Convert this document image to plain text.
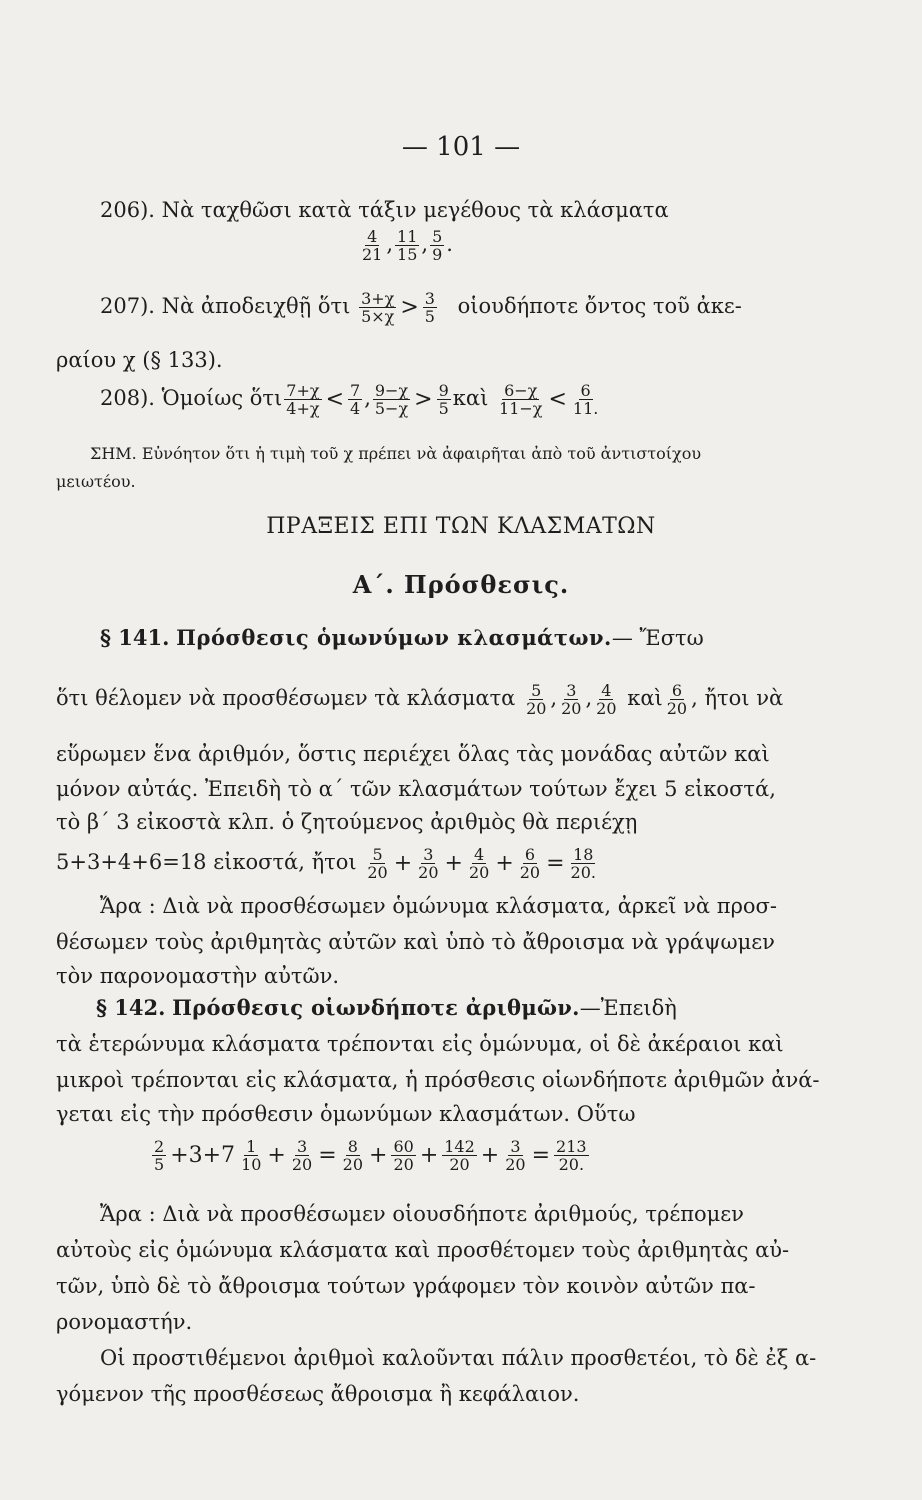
— 101 —
206). Νὰ ταχθῶσι κατὰ τάξιν μεγέθους τὰ κλάσματα
$\frac{4}{21}$ , $\frac{11}{15}$ , $\frac{5}{9}$ .
207). Νὰ ἀποδειχθῇ ὅτι $\frac{3+\chi}{5\times\chi} > \frac{3}{5}$ οἱουδήποτε ὄντος τοῦ ἀκε-
ραίου χ (§ 133).
208). Ὁμοίως ὅτι $\frac{7+\chi}{4+\chi} < \frac{7}{4}$ , $\frac{9-\chi}{5-\chi} > \frac{9}{5}$ καὶ $\frac{6-\chi}{11-\chi} < \frac{6}{11.}$
ΣΗΜ. Εὐνόητον ὅτι ἡ τιμὴ τοῦ χ πρέπει νὰ ἀφαιρῆται ἀπὸ τοῦ ἀντιστοίχου
μειωτέου.
ΠΡΑΞΕΙΣ ΕΠΙ ΤΩΝ ΚΛΑΣΜΑΤΩΝ
Α΄. Πρόσθεσις.
§ 141. Πρόσθεσις ὁμωνύμων κλασμάτων.— Ἔστω
ὅτι θέλομεν νὰ προσθέσωμεν τὰ κλάσματα $\frac{5}{20}$ , $\frac{3}{20}$ , $\frac{4}{20}$ καὶ $\frac{6}{20}$ , ἤτοι νὰ
εὕρωμεν ἕνα ἀριθμόν, ὅστις περιέχει ὅλας τὰς μονάδας αὐτῶν καὶ
μόνον αὐτάς. Ἐπειδὴ τὸ α΄ τῶν κλασμάτων τούτων ἔχει 5 εἰκοστά,
τὸ β΄ 3 εἰκοστὰ κλπ. ὁ ζητούμενος ἀριθμὸς θὰ περιέχῃ
5+3+4+6=18 εἰκοστά, ἤτοι $\frac{5}{20} + \frac{3}{20} + \frac{4}{20} + \frac{6}{20} = \frac{18}{20.}$
Ἄρα : Διὰ νὰ προσθέσωμεν ὁμώνυμα κλάσματα, ἀρκεῖ νὰ προσ-
θέσωμεν τοὺς ἀριθμητὰς αὐτῶν καὶ ὑπὸ τὸ ἄθροισμα νὰ γράψωμεν
τὸν παρονομαστὴν αὐτῶν.
§ 142. Πρόσθεσις οἱωνδήποτε ἀριθμῶν.—Ἐπειδὴ
τὰ ἑτερώνυμα κλάσματα τρέπονται εἰς ὁμώνυμα, οἱ δὲ ἀκέραιοι καὶ
μικροὶ τρέπονται εἰς κλάσματα, ἡ πρόσθεσις οἱωνδήποτε ἀριθμῶν ἀνά-
γεται εἰς τὴν πρόσθεσιν ὁμωνύμων κλασμάτων. Οὕτω
$\frac{2}{5} +3+7 \frac{1}{10} + \frac{3}{20} = \frac{8}{20} + \frac{60}{20} + \frac{142}{20} + \frac{3}{20} = \frac{213}{20.}$
Ἄρα : Διὰ νὰ προσθέσωμεν οἱουσδήποτε ἀριθμούς, τρέπομεν
αὐτοὺς εἰς ὁμώνυμα κλάσματα καὶ προσθέτομεν τοὺς ἀριθμητὰς αὐ-
τῶν, ὑπὸ δὲ τὸ ἄθροισμα τούτων γράφομεν τὸν κοινὸν αὐτῶν πα-
ρονομαστήν.
Οἱ προστιθέμενοι ἀριθμοὶ καλοῦνται πάλιν προσθετέοι, τὸ δὲ ἐξ α-
γόμενον τῆς προσθέσεως ἄθροισμα ἢ κεφάλαιον.
